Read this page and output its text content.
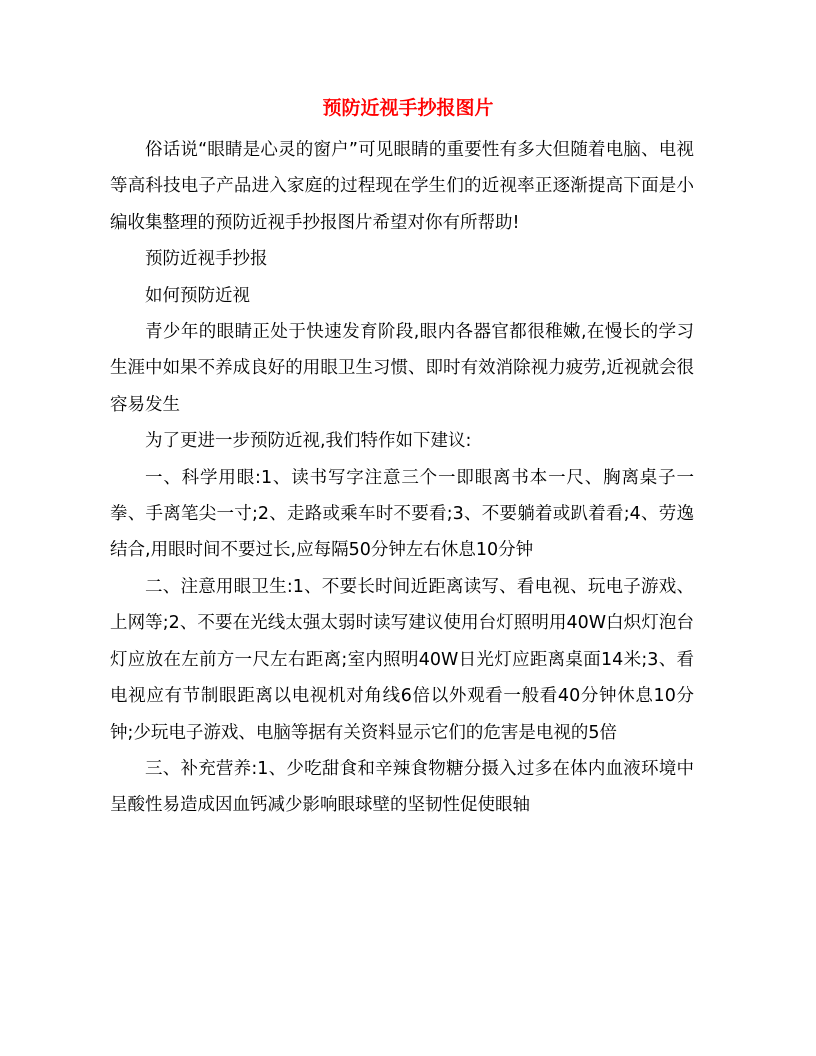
预防近视手抄报图片

俗话说“眼睛是心灵的窗户”可见眼睛的重要性有多大但随着电脑、电视等高科技电子产品进入家庭的过程现在学生们的近视率正逐渐提高下面是小编收集整理的预防近视手抄报图片希望对你有所帮助!

预防近视手抄报

如何预防近视

青少年的眼睛正处于快速发育阶段,眼内各器官都很稚嫩,在慢长的学习生涯中如果不养成良好的用眼卫生习惯、即时有效消除视力疲劳,近视就会很容易发生

为了更进一步预防近视,我们特作如下建议:

一、科学用眼:1、读书写字注意三个一即眼离书本一尺、胸离桌子一拳、手离笔尖一寸;2、走路或乘车时不要看;3、不要躺着或趴着看;4、劳逸结合,用眼时间不要过长,应每隔50分钟左右休息10分钟

二、注意用眼卫生:1、不要长时间近距离读写、看电视、玩电子游戏、上网等;2、不要在光线太强太弱时读写建议使用台灯照明用40W白炽灯泡台灯应放在左前方一尺左右距离;室内照明40W日光灯应距离桌面14米;3、看电视应有节制眼距离以电视机对角线6倍以外观看一般看40分钟休息10分钟;少玩电子游戏、电脑等据有关资料显示它们的危害是电视的5倍

三、补充营养:1、少吃甜食和辛辣食物糖分摄入过多在体内血液环境中呈酸性易造成因血钙减少影响眼球壁的坚韧性促使眼轴
